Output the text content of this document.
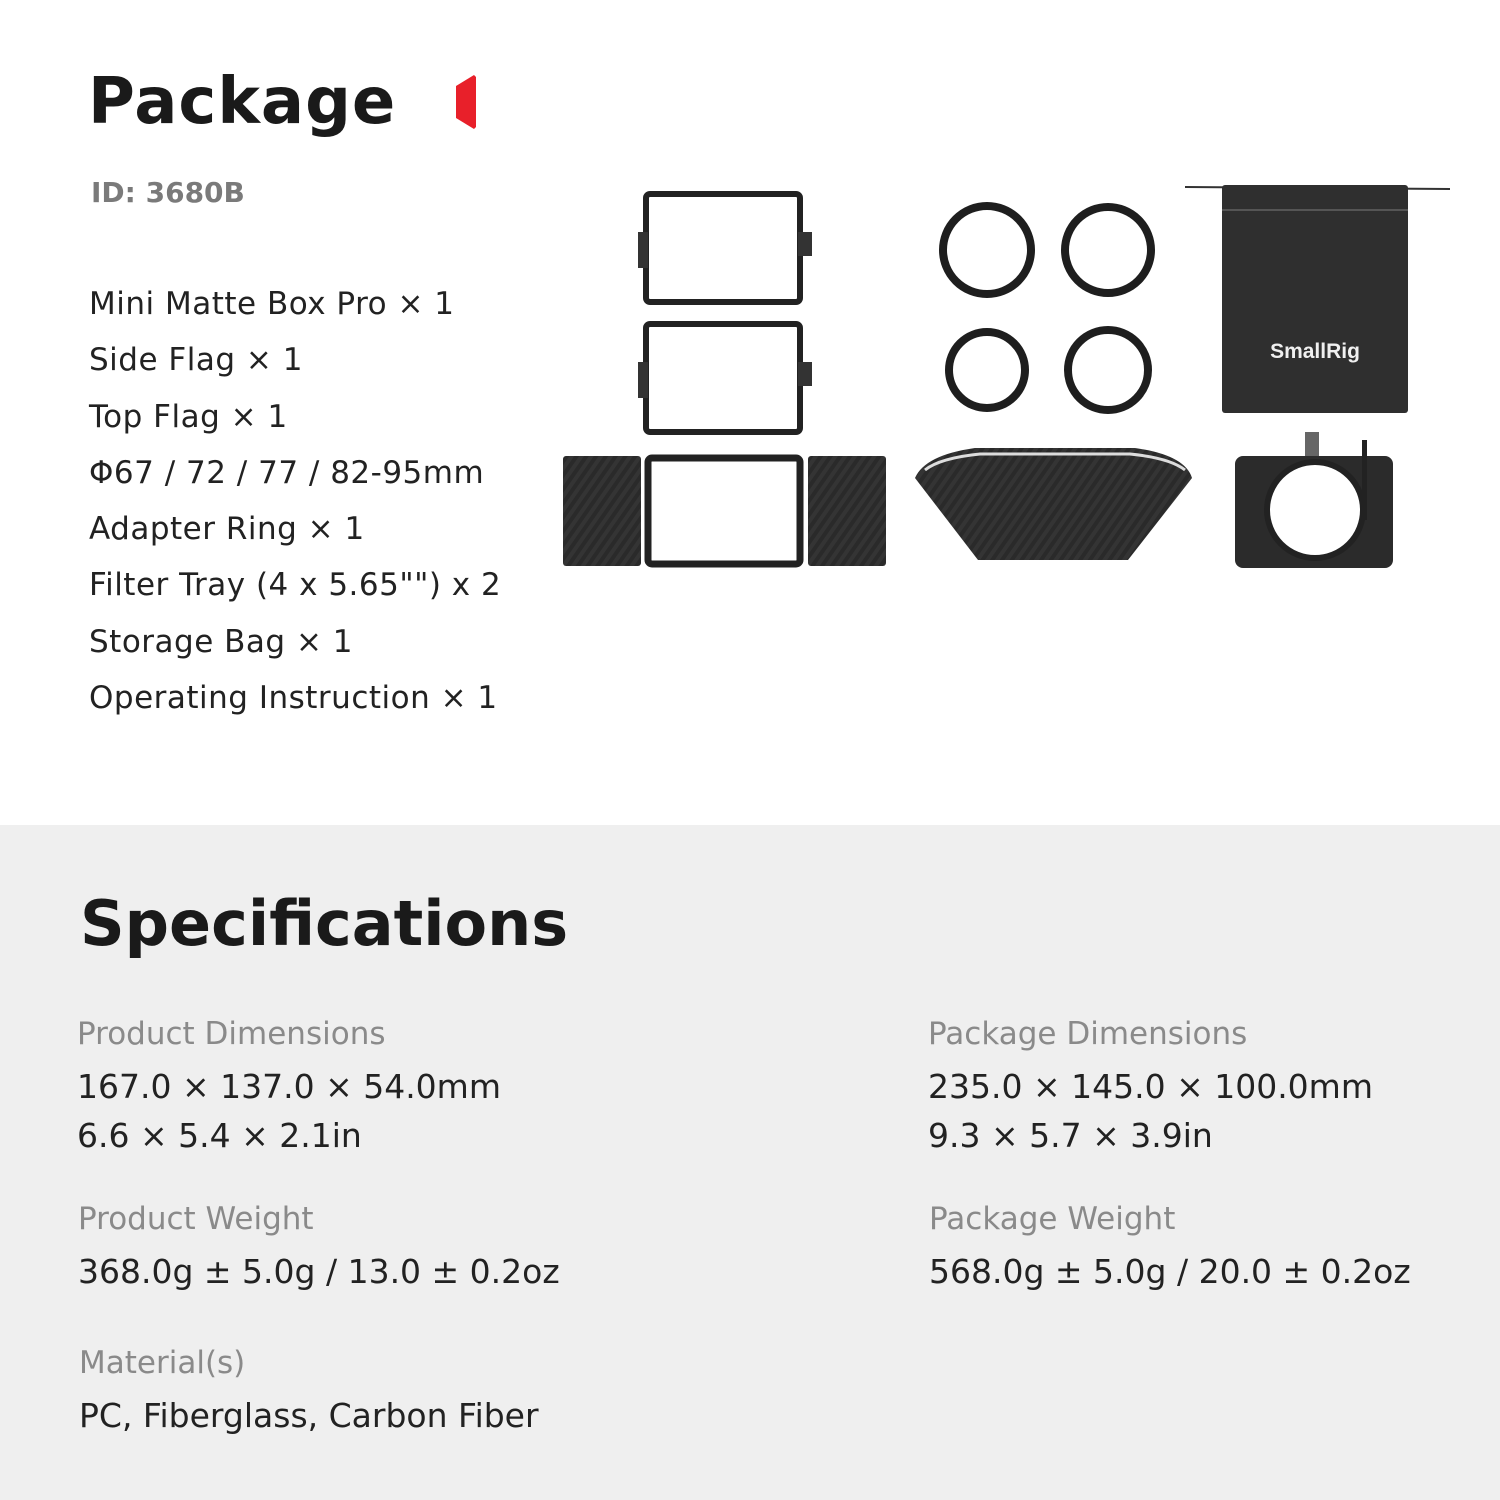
Package
ID: 3680B
Mini Matte Box Pro × 1
Side Flag × 1
Top Flag × 1
Φ67 / 72 / 77 / 82-95mm
Adapter Ring × 1
Filter Tray (4 x 5.65"") x 2
Storage Bag × 1
Operating Instruction × 1
SmallRig
Specifications
Product Dimensions
167.0 × 137.0 × 54.0mm
6.6 × 5.4 × 2.1in
Package Dimensions
235.0 × 145.0 × 100.0mm
9.3 × 5.7 × 3.9in
Product Weight
368.0g ± 5.0g / 13.0 ± 0.2oz
Package Weight
568.0g ± 5.0g / 20.0 ± 0.2oz
Material(s)
PC, Fiberglass, Carbon Fiber
